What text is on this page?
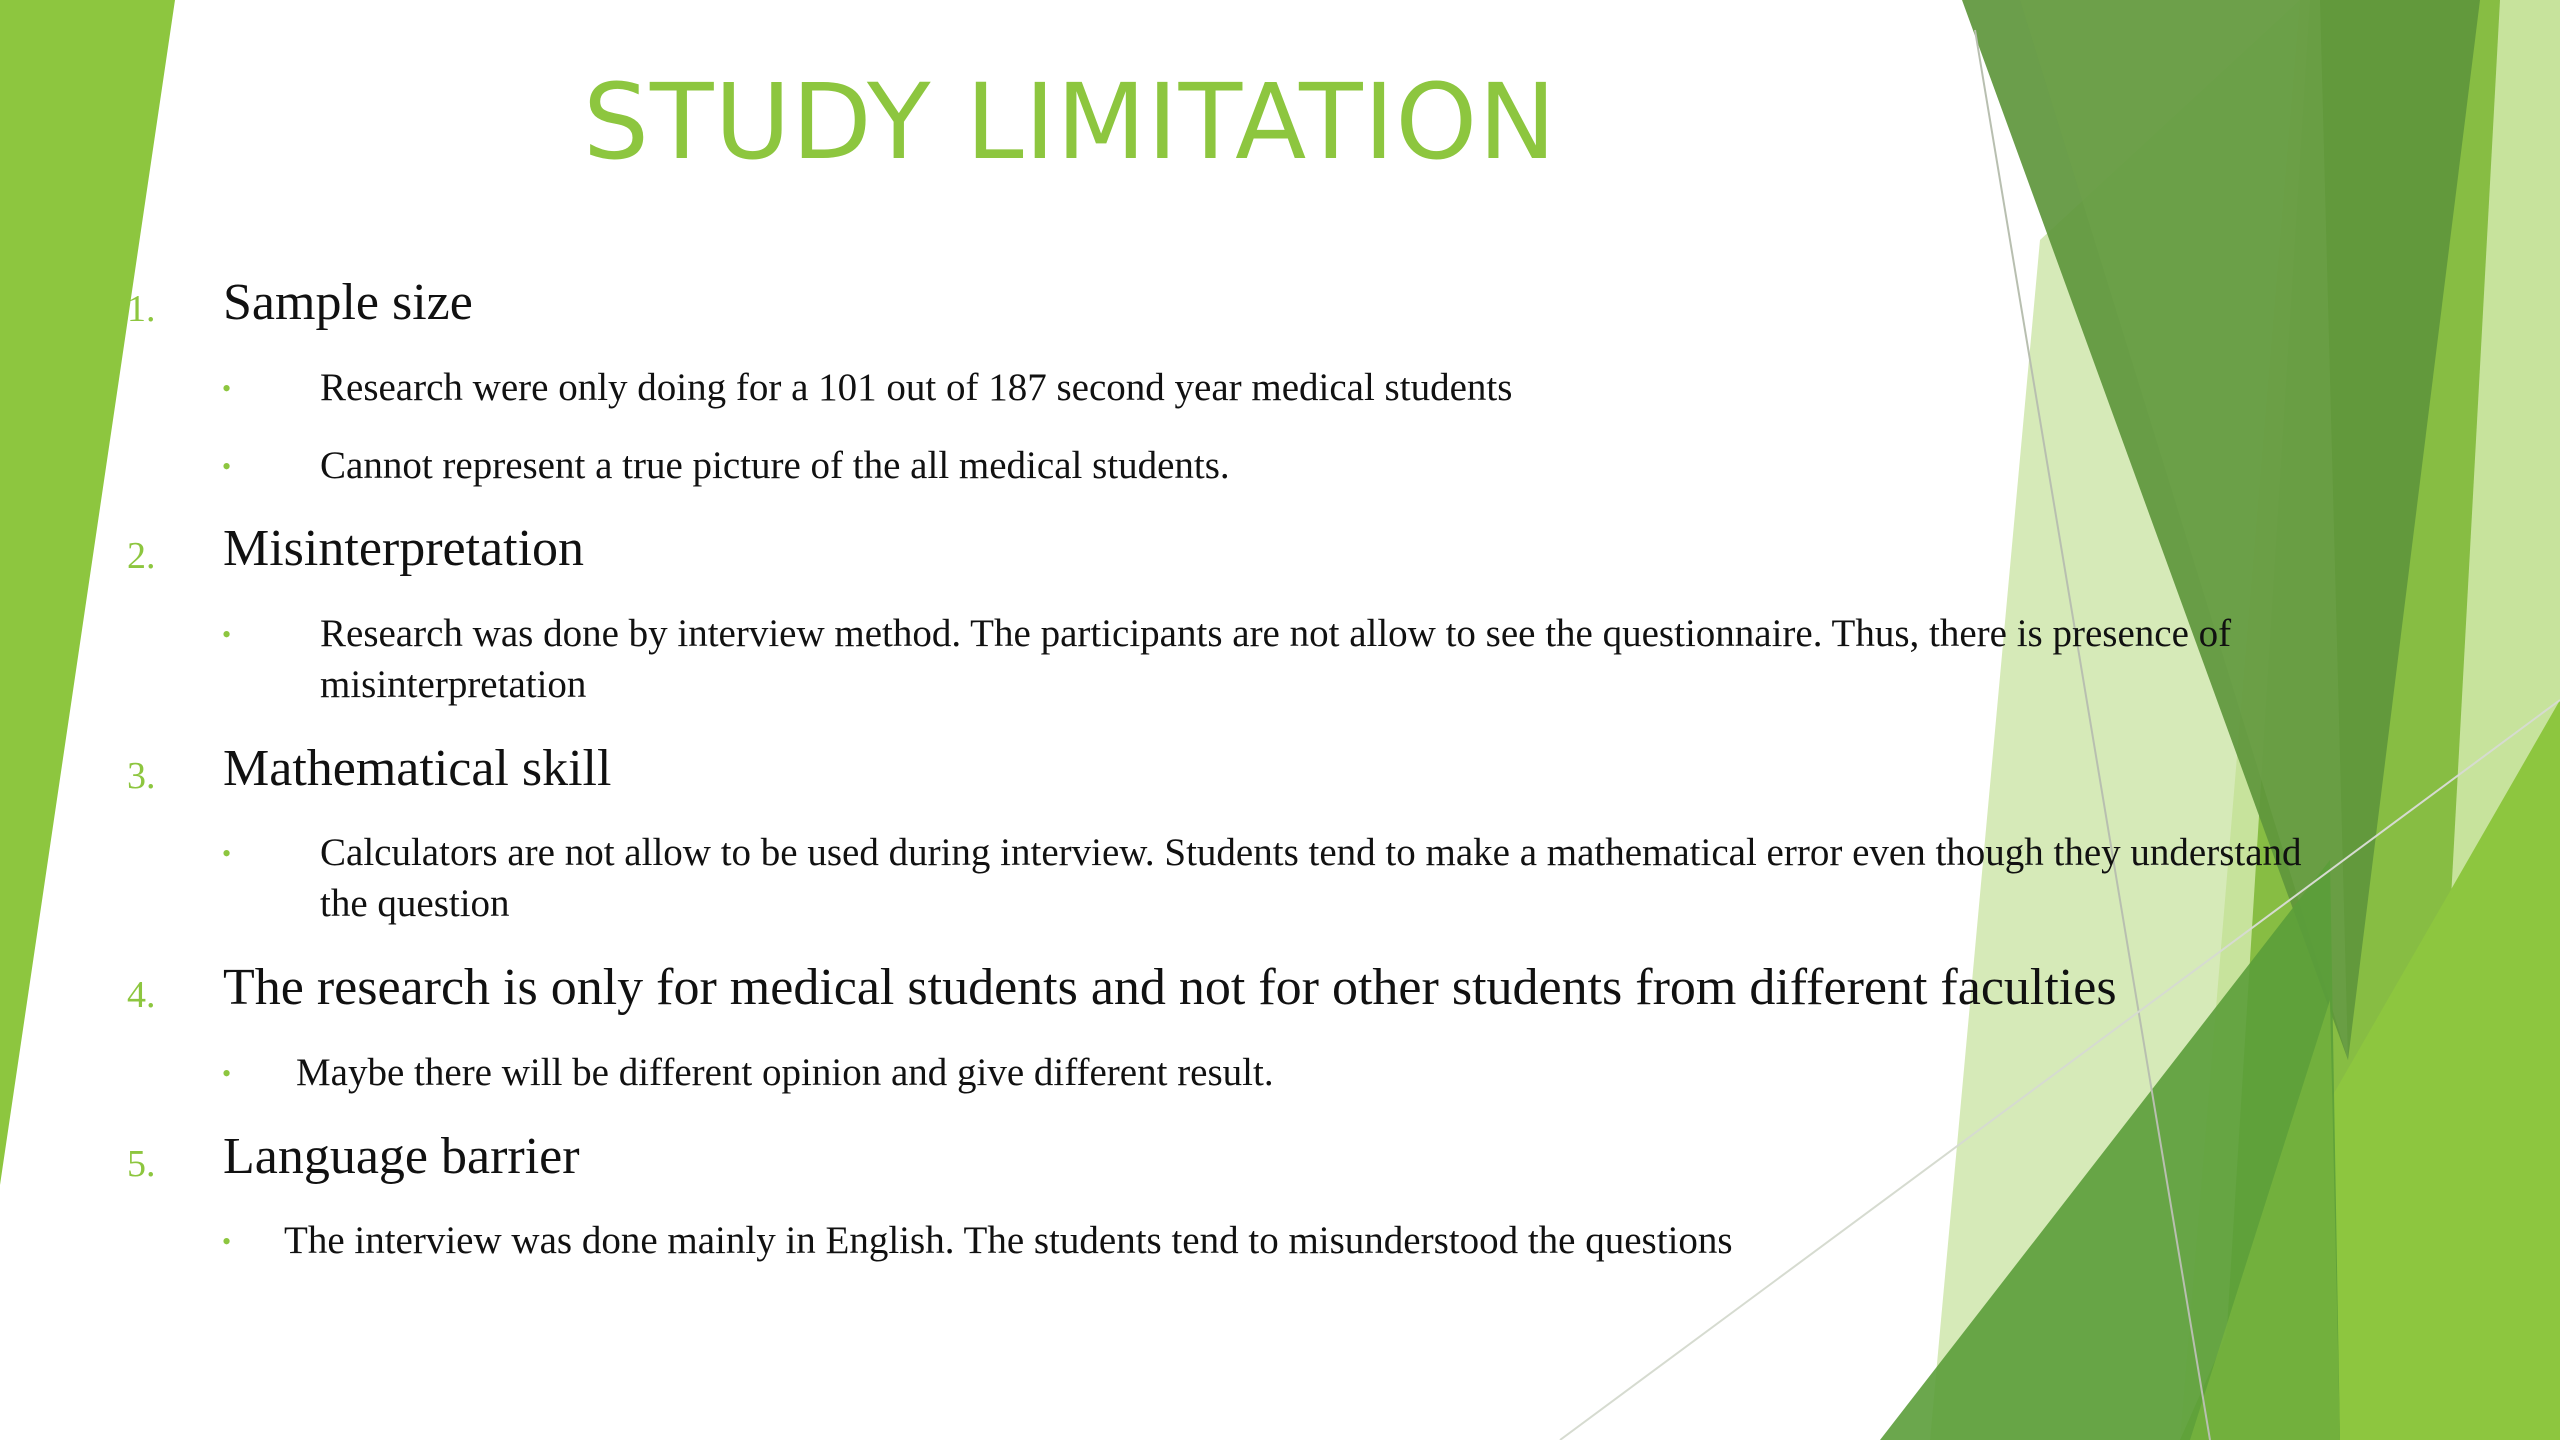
STUDY LIMITATION
1. Sample size
• Research were only doing for a 101 out of 187 second year medical students
• Cannot represent a true picture of the all medical students.
2. Misinterpretation
• Research was done by interview method. The participants are not allow to see the questionnaire. Thus, there is presence of misinterpretation
3. Mathematical skill
• Calculators are not allow to be used during interview. Students tend to make a mathematical error even though they understand the question
4. The research is only for medical students and not for other students from different faculties
• Maybe there will be different opinion and give different result.
5. Language barrier
• The interview was done mainly in English. The students tend to misunderstood the questions
